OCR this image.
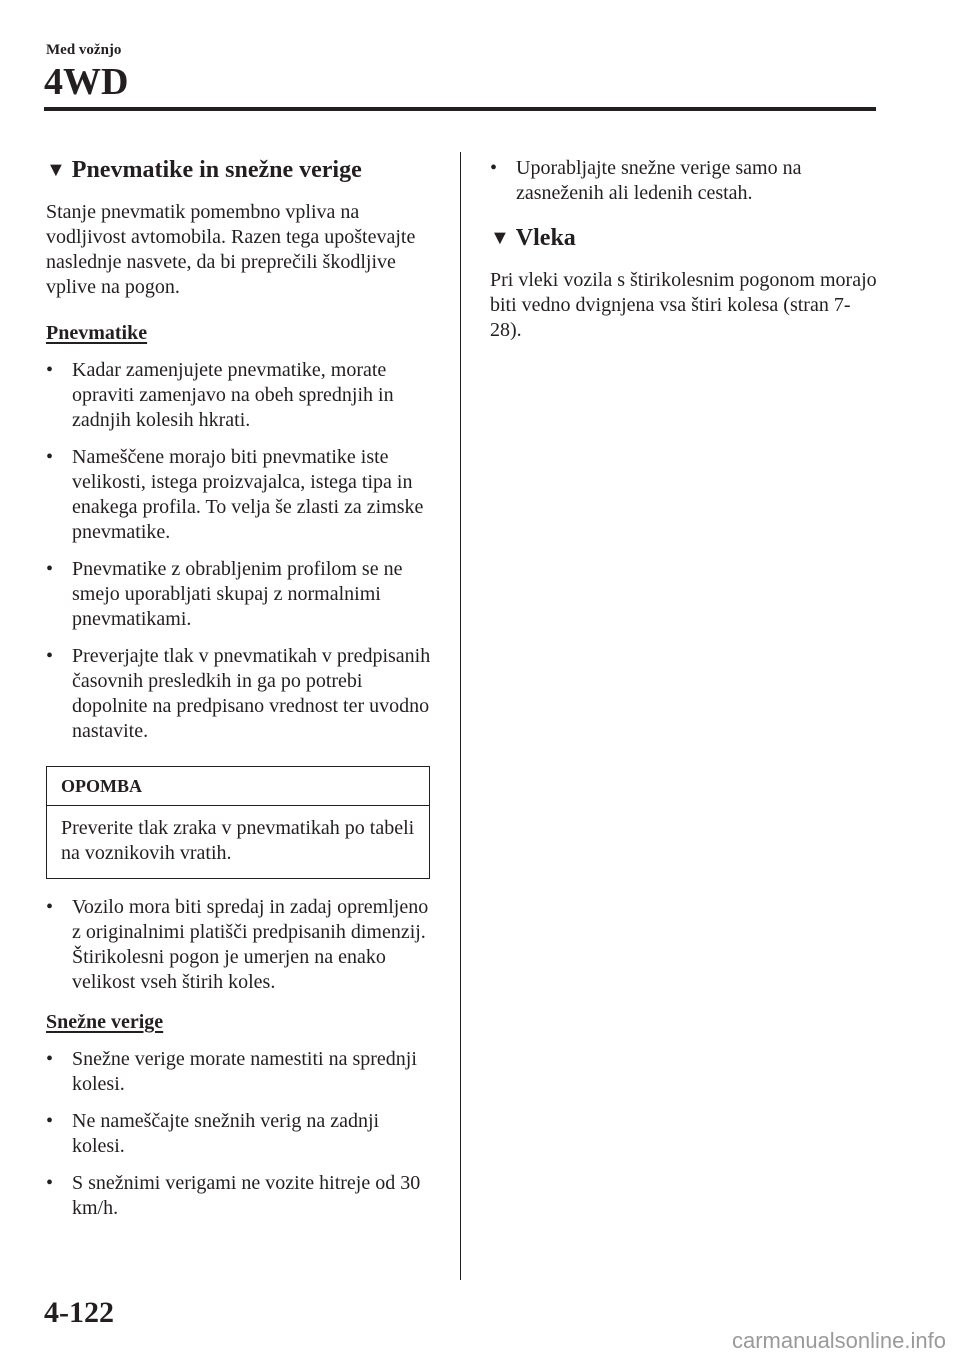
Med vožnjo
4WD
▼ Pnevmatike in snežne verige

Stanje pnevmatik pomembno vpliva na vodljivost avtomobila. Razen tega upoštevajte naslednje nasvete, da bi preprečili škodljive vplive na pogon.

Pnevmatike
• Kadar zamenjujete pnevmatike, morate opraviti zamenjavo na obeh sprednjih in zadnjih kolesih hkrati.
• Nameščene morajo biti pnevmatike iste velikosti, istega proizvajalca, istega tipa in enakega profila. To velja še zlasti za zimske pnevmatike.
• Pnevmatike z obrabljenim profilom se ne smejo uporabljati skupaj z normalnimi pnevmatikami.
• Preverjajte tlak v pnevmatikah v predpisanih časovnih presledkih in ga po potrebi dopolnite na predpisano vrednost ter uvodno nastavite.
OPOMBA
Preverite tlak zraka v pnevmatikah po tabeli na voznikovih vratih.
• Vozilo mora biti spredaj in zadaj opremljeno z originalnimi platišči predpisanih dimenzij. Štirikolesni pogon je umerjen na enako velikost vseh štirih koles.
Snežne verige
• Snežne verige morate namestiti na sprednji kolesi.
• Ne nameščajte snežnih verig na zadnji kolesi.
• S snežnimi verigami ne vozite hitreje od 30 km/h.
• Uporabljajte snežne verige samo na zasneženih ali ledenih cestah.
▼ Vleka

Pri vleki vozila s štirikolesnim pogonom morajo biti vedno dvignjena vsa štiri kolesa (stran 7-28).

4-122
carmanualsonline.info
